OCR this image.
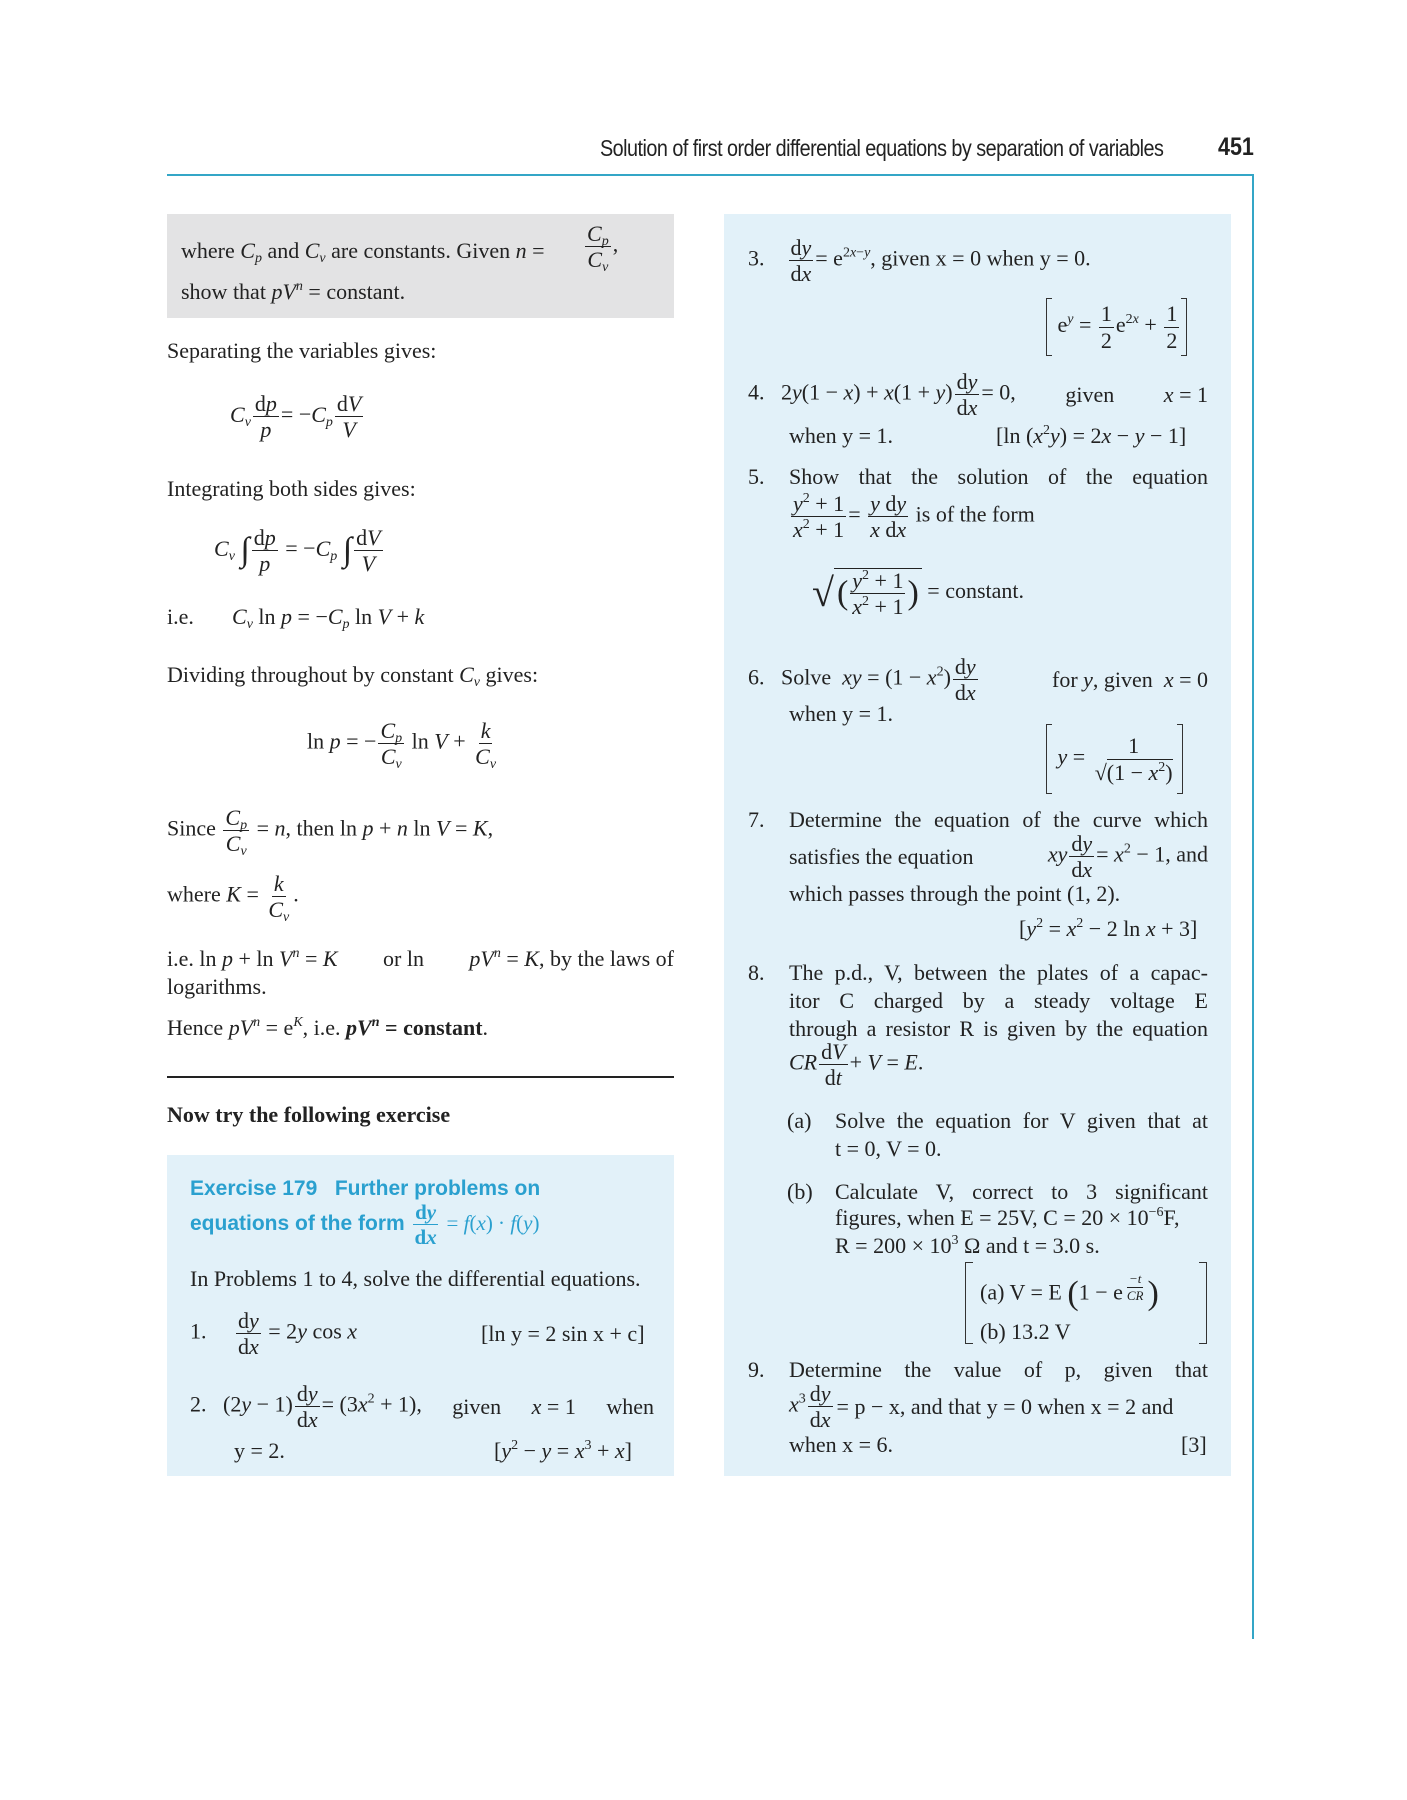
Solution of first order differential equations by separation of variables 451
where $C_p$ and $C_v$ are constants. Given $n = \frac{C_p}{C_v}$ ,
show that $pV^n$ = constant.
Separating the variables gives:
$C_v \frac{dp}{p} = -C_p \frac{dV}{V}$
Integrating both sides gives:
$C_v$ ∫ $\frac{dp}{p} = -C_p$ ∫ $\frac{dV}{V}$
i.e. $C_v$ $\ln p = -C_p$ ln V + k
Dividing throughout by constant $C_v$ gives:
ln p = − $\frac{C_p}{C_v}$ $\ln V + \frac{k}{C_v}$
Since $\frac{C_p}{C_v} = n$, then ln p + n ln V = K,
where $K = \frac{k}{C_v}$ .
i.e. $\ln p + \ln V^n = K$ or $\ln pV^n = K$, by the laws of
logarithms.
Hence $pV^n = e^K$, i.e. $pV^n$ = constant.
Now try the following exercise
Exercise 179 Further problems on
equations of the form $\frac{dy}{dx} = f(x) \cdot f(y)$
In Problems 1 to 4, solve the differential equations.
1. $\frac{dy}{dx} = 2y$ cos x	[ln y = 2 sin x + c]
2.   $(2y - 1) \frac{dy}{dx} = (3x^2 + 1)$, given x = 1 when
y = 2.	$[y^2 - y = x^3 + x]$
3. $\frac{dy}{dx} = e^{2x-y}$, given x = 0 when y = 0.
$e^y = \frac{1}{2} e^{2x} + \frac{1}{2}$
4.   $2y(1 - x) + x(1 + y) \frac{dy}{dx} = 0$, given x = 1
when y = 1.	[ln $(x^2y) = 2x - y - 1$]
5. Show that the solution of the equation
$\frac{y^2 + 1}{x^2 + 1} = \frac{\text{y dy}}{\text{x dx}}$ is of the form
√( $\frac{y^2 + 1}{x^2 + 1}$ ) = constant.
6.   Solve xy = $(1 - x^2) \frac{dy}{dx}$	for y, given x = 0
when y = 1.
$y = \frac{1}{√(1 - x^2)}$
7. Determine the equation of the curve which
satisfies the equation	xy $\frac{dy}{dx} = x^2 - 1$, and
which passes through the point (1, 2).
[$y^2 = x^2 - 2$ ln x + 3]
8. The p.d., V, between the plates of a capac-
itor C charged by a steady voltage E
through a resistor R is given by the equation
CR $\frac{dV}{dt} + V = E$.
(a) Solve the equation for V given that at
t = 0, V = 0.
(b) Calculate V, correct to 3 significant
figures, when E = 25V, $C = 20 \times 10^{-6}F$,
$R = 200 \times 10^3$ Ω and t = 3.0 s.
(a) V = E (1 − e $^{\frac{-t}{CR}}$ )
(b) 13.2 V
9. Determine the value of p, given that
$x^3 \frac{dy}{dx} = p - x$, and that y = 0 when x = 2 and
when x = 6.	[3]
